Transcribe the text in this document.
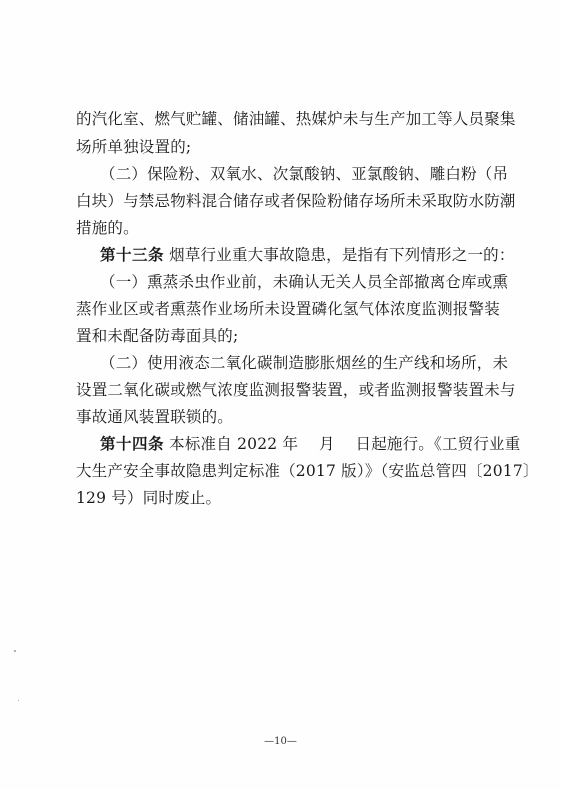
的汽化室、燃气贮罐、储油罐、热媒炉未与生产加工等人员聚集
场所单独设置的;
（二）保险粉、双氧水、次氯酸钠、亚氯酸钠、雕白粉（吊
白块）与禁忌物料混合储存或者保险粉储存场所未采取防水防潮
措施的。
第十三条 烟草行业重大事故隐患，是指有下列情形之一的：
（一）熏蒸杀虫作业前，未确认无关人员全部撤离仓库或熏
蒸作业区或者熏蒸作业场所未设置磷化氢气体浓度监测报警装
置和未配备防毒面具的;
（二）使用液态二氧化碳制造膨胀烟丝的生产线和场所，未
设置二氧化碳或燃气浓度监测报警装置，或者监测报警装置未与
事故通风装置联锁的。
第十四条 本标准自 2022 年　 月　 日起施行。《工贸行业重
大生产安全事故隐患判定标准（2017 版）》（安监总管四〔2017〕
129 号）同时废止。
—10—
